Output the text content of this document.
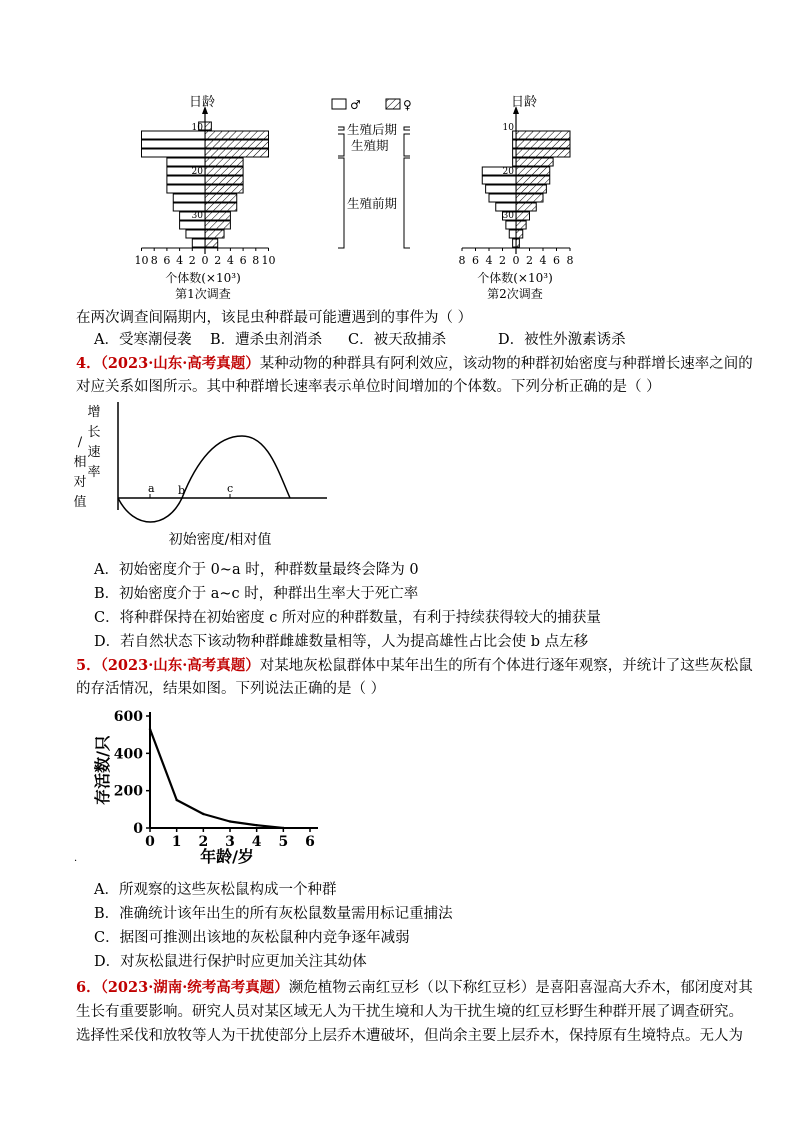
10 8 6 4 2 0 2 4 6 8 10
30
20
10
8 6 4 2 0 2 4 6 8
30
20
10
日龄	日龄
♂	♀
生殖后期
生殖期
生殖前期
个体数(×10³)
第1次调查
个体数(×10³)
第2次调查
在两次调查间隔期内，该昆虫种群最可能遭遇到的事件为（ ）
A．受寒潮侵袭 B．遭杀虫剂消杀 C．被天敌捕杀	D．被性外激素诱杀
4．（2023·山东·高考真题）某种动物的种群具有阿利效应，该动物的种群初始密度与种群增长速率之间的
对应关系如图所示。其中种群增长速率表示单位时间增加的个体数。下列分析正确的是（ ）
增
长
速
率
/
相
对
值
a b	c
初始密度/相对值
A．初始密度介于 0~a 时，种群数量最终会降为 0
B．初始密度介于 a~c 时，种群出生率大于死亡率
C．将种群保持在初始密度 c 所对应的种群数量，有利于持续获得较大的捕获量
D．若自然状态下该动物种群雌雄数量相等，人为提高雄性占比会使 b 点左移
5．（2023·山东·高考真题）对某地灰松鼠群体中某年出生的所有个体进行逐年观察，并统计了这些灰松鼠
的存活情况，结果如图。下列说法正确的是（ ）
存活数/只
年龄/岁
600
400
200
0
0 1 2 3 4 5 6
·
A．所观察的这些灰松鼠构成一个种群
B．准确统计该年出生的所有灰松鼠数量需用标记重捕法
C．据图可推测出该地的灰松鼠种内竞争逐年减弱
D．对灰松鼠进行保护时应更加关注其幼体
6．（2023·湖南·统考高考真题）濒危植物云南红豆杉（以下称红豆杉）是喜阳喜湿高大乔木，郁闭度对其
生长有重要影响。研究人员对某区域无人为干扰生境和人为干扰生境的红豆杉野生种群开展了调查研究。
选择性采伐和放牧等人为干扰使部分上层乔木遭破坏，但尚余主要上层乔木，保持原有生境特点。无人为
